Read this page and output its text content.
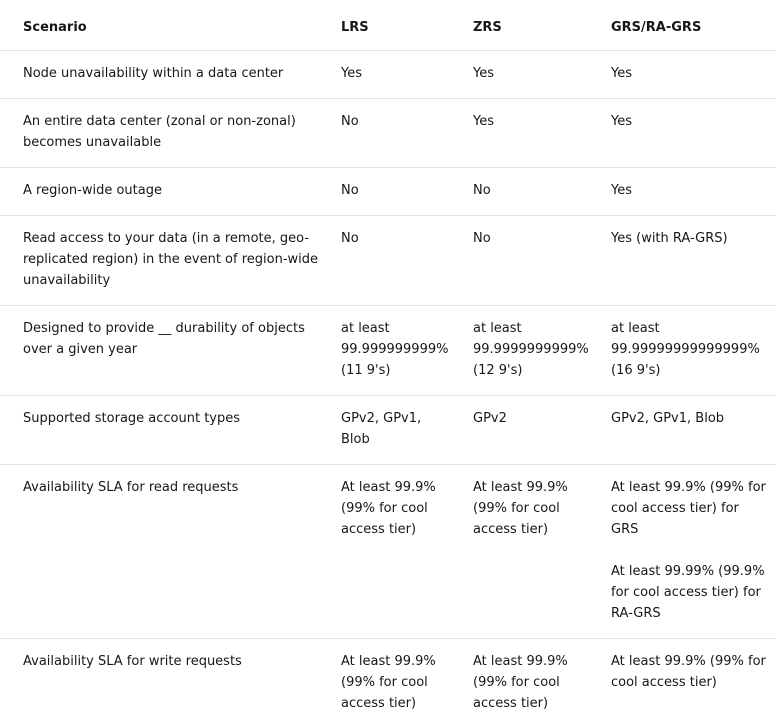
Scenario	LRS	ZRS	GRS/RA-GRS
Node unavailability within a data center	Yes	Yes	Yes

An entire data center (zonal or non-zonal) becomes unavailable	No	Yes	Yes

A region-wide outage	No	No	Yes

Read access to your data (in a remote, geo-replicated region) in the event of region-wide unavailability	No	No	Yes (with RA-GRS)

Designed to provide __ durability of objects over a given year	at least 99.999999999% (11 9's)	at least 99.9999999999% (12 9's)	at least 99.99999999999999% (16 9's)

Supported storage account types	GPv2, GPv1, Blob	GPv2	GPv2, GPv1, Blob

Availability SLA for read requests	At least 99.9% (99% for cool access tier)	At least 99.9% (99% for cool access tier)	At least 99.9% (99% for cool access tier) for GRS
At least 99.99% (99.9% for cool access tier) for RA-GRS

Availability SLA for write requests	At least 99.9% (99% for cool access tier)	At least 99.9% (99% for cool access tier)	At least 99.9% (99% for cool access tier)
